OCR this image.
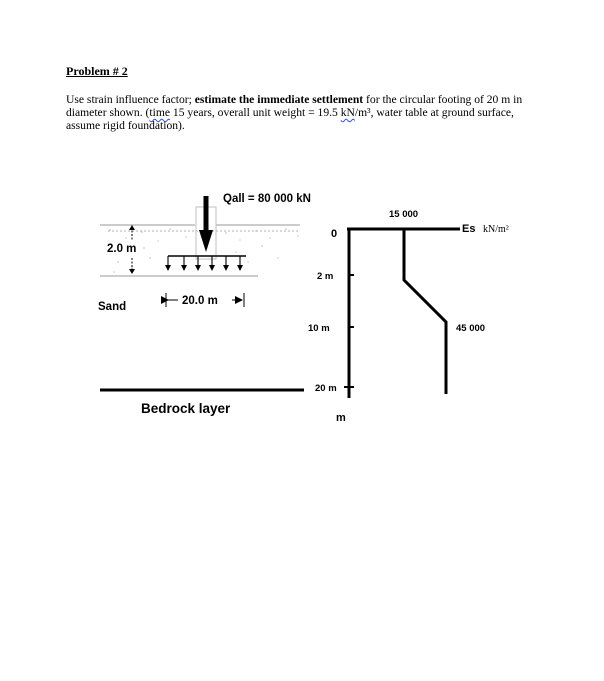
Problem # 2

Use strain influence factor; estimate the immediate settlement for the circular footing of 20 m in diameter shown. (time 15 years, overall unit weight = 19.5 kN/m³, water table at ground surface, assume rigid foundation).

Qall = 80 000 kN
2.0 m
Sand	20.0 m
Bedrock layer
15 000
Es kN/m²
45 000
0
2 m
10 m
20 m
m
